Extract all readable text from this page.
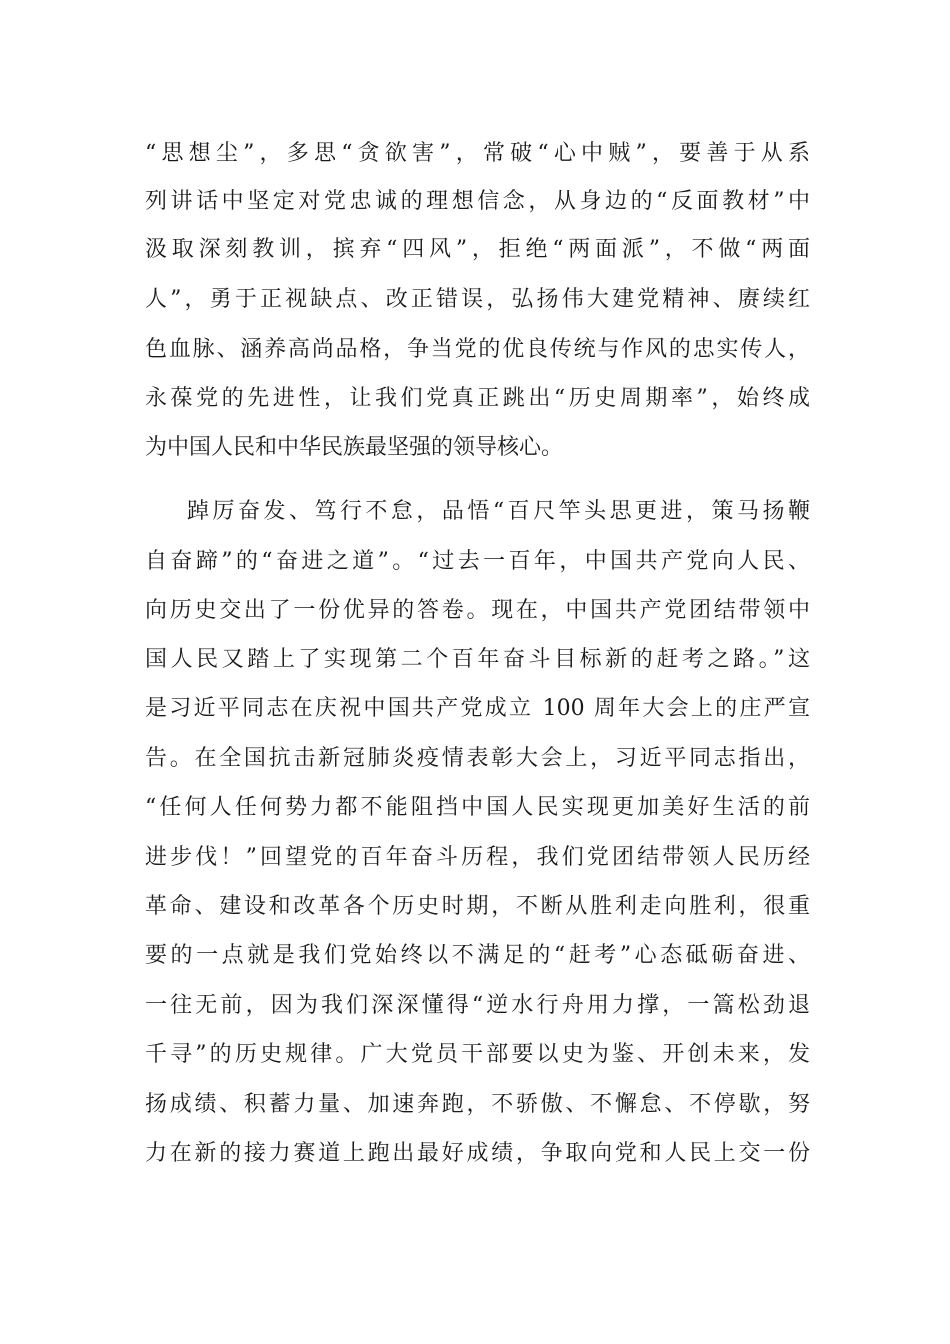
“思想尘”，多思“贪欲害”，常破“心中贼”，要善于从系
列讲话中坚定对党忠诚的理想信念，从身边的“反面教材”中
汲取深刻教训，摈弃“四风”，拒绝“两面派”，不做“两面
人”，勇于正视缺点、改正错误，弘扬伟大建党精神、赓续红
色血脉、涵养高尚品格，争当党的优良传统与作风的忠实传人，
永葆党的先进性，让我们党真正跳出“历史周期率”，始终成
为中国人民和中华民族最坚强的领导核心。
踔厉奋发、笃行不怠，品悟“百尺竿头思更进，策马扬鞭
自奋蹄”的“奋进之道”。“过去一百年，中国共产党向人民、
向历史交出了一份优异的答卷。现在，中国共产党团结带领中
国人民又踏上了实现第二个百年奋斗目标新的赶考之路。”这
是习近平同志在庆祝中国共产党成立 100 周年大会上的庄严宣
告。在全国抗击新冠肺炎疫情表彰大会上，习近平同志指出，
“任何人任何势力都不能阻挡中国人民实现更加美好生活的前
进步伐！”回望党的百年奋斗历程，我们党团结带领人民历经
革命、建设和改革各个历史时期，不断从胜利走向胜利，很重
要的一点就是我们党始终以不满足的“赶考”心态砥砺奋进、
一往无前，因为我们深深懂得“逆水行舟用力撑，一篙松劲退
千寻”的历史规律。广大党员干部要以史为鉴、开创未来，发
扬成绩、积蓄力量、加速奔跑，不骄傲、不懈怠、不停歇，努
力在新的接力赛道上跑出最好成绩，争取向党和人民上交一份
